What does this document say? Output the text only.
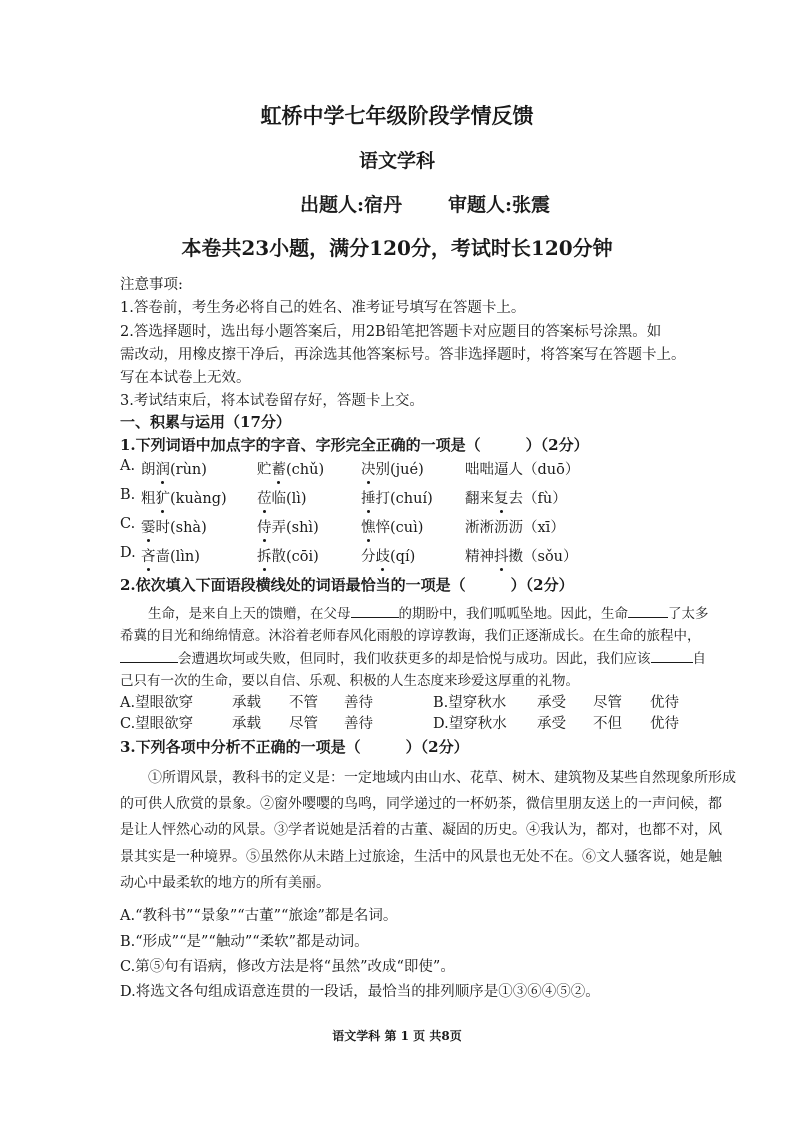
虹桥中学七年级阶段学情反馈
语文学科
出题人:宿丹 审题人:张震
本卷共23小题，满分120分，考试时长120分钟
注意事项:
1.答卷前，考生务必将自己的姓名、准考证号填写在答题卡上。
2.答选择题时，选出每小题答案后，用2B铅笔把答题卡对应题目的答案标号涂黑。如
需改动，用橡皮擦干净后，再涂选其他答案标号。答非选择题时，将答案写在答题卡上。
写在本试卷上无效。
3.考试结束后，将本试卷留存好，答题卡上交。
一、积累与运用（17分）
1.下列词语中加点字的字音、字形完全正确的一项是（　　　）（2分）
A. 朗润(rùn)	贮蓄(chǔ)	决别(jué)	咄咄逼人（duō）
B. 粗犷(kuàng) 莅临(lì)	捶打(chuí) 翻来复去（fù）
C. 霎时(shà)	侍弄(shì)	憔悴(cuì)	淅淅沥沥（xī）
D. 吝啬(lìn)	拆散(cōi)	分歧(qí)	精神抖擞（sǒu）
2.依次填入下面语段横线处的词语最恰当的一项是（　　　）（2分）
生命，是来自上天的馈赠，在父母	的期盼中，我们呱呱坠地。因此，生命	了太多
希冀的目光和绵绵情意。沐浴着老师春风化雨般的谆谆教诲，我们正逐渐成长。在生命的旅程中，
会遭遇坎坷或失败，但同时，我们收获更多的却是恰悦与成功。因此，我们应该	自
己只有一次的生命，要以自信、乐观、积极的人生态度来珍爱这厚重的礼物。
A.望眼欲穿	承载 不管 善待	B.望穿秋水 承受 尽管 优待
C.望眼欲穿	承载 尽管 善待	D.望穿秋水 承受 不但 优待
3.下列各项中分析不正确的一项是（　　　）（2分）
①所谓风景，教科书的定义是：一定地域内由山水、花草、树木、建筑物及某些自然现象所形成
的可供人欣赏的景象。②窗外嘤嘤的鸟鸣，同学递过的一杯奶茶，微信里朋友送上的一声问候，都
是让人怦然心动的风景。③学者说她是活着的古董、凝固的历史。④我认为，都对，也都不对，风
景其实是一种境界。⑤虽然你从未踏上过旅途，生活中的风景也无处不在。⑥文人骚客说，她是触
动心中最柔软的地方的所有美丽。
A.“教科书”“景象”“古董”“旅途”都是名词。
B.“形成”“是”“触动”“柔软”都是动词。
C.第⑤句有语病，修改方法是将“虽然”改成“即使”。
D.将选文各句组成语意连贯的一段话，最恰当的排列顺序是①③⑥④⑤②。
语文学科 第 1 页 共8页
